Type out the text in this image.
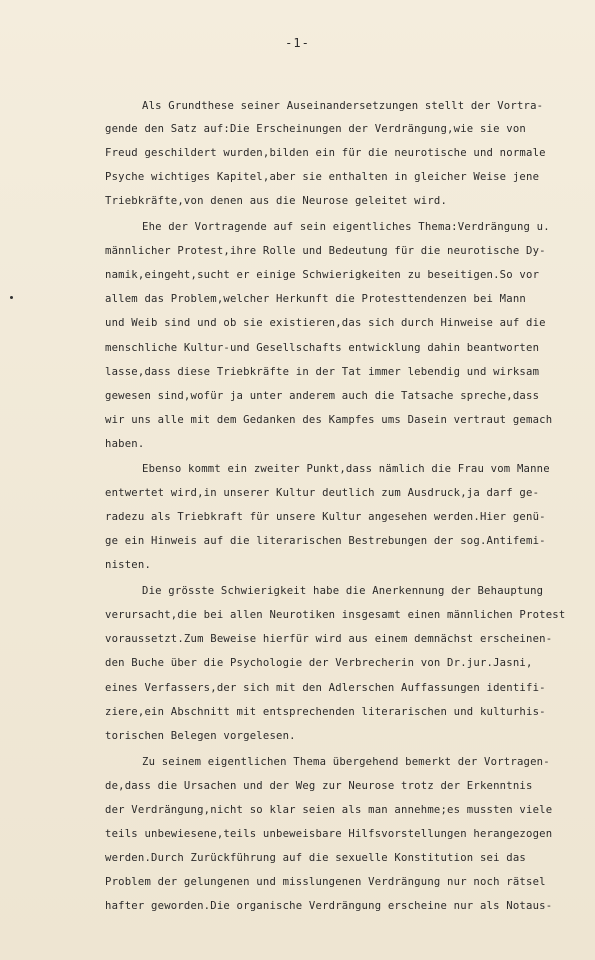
-1-
Als Grundthese seiner Auseinandersetzungen stellt der Vortra-
gende den Satz auf:Die Erscheinungen der Verdrängung,wie sie von
Freud geschildert wurden,bilden ein für die neurotische und normale
Psyche wichtiges Kapitel,aber sie enthalten in gleicher Weise jene
Triebkräfte,von denen aus die Neurose geleitet wird.
Ehe der Vortragende auf sein eigentliches Thema:Verdrängung u.
männlicher Protest,ihre Rolle und Bedeutung für die neurotische Dy-
namik,eingeht,sucht er einige Schwierigkeiten zu beseitigen.So vor
allem das Problem,welcher Herkunft die Protesttendenzen bei Mann
und Weib sind und ob sie existieren,das sich durch Hinweise auf die
menschliche Kultur-und Gesellschafts entwicklung dahin beantworten
lasse,dass diese Triebkräfte in der Tat immer lebendig und wirksam
gewesen sind,wofür ja unter anderem auch die Tatsache spreche,dass
wir uns alle mit dem Gedanken des Kampfes ums Dasein vertraut gemach
haben.
Ebenso kommt ein zweiter Punkt,dass nämlich die Frau vom Manne
entwertet wird,in unserer Kultur deutlich zum Ausdruck,ja darf ge-
radezu als Triebkraft für unsere Kultur angesehen werden.Hier genü-
ge ein Hinweis auf die literarischen Bestrebungen der sog.Antifemi-
nisten.
Die grösste Schwierigkeit habe die Anerkennung der Behauptung
verursacht,die bei allen Neurotiken insgesamt einen männlichen Protest
voraussetzt.Zum Beweise hierfür wird aus einem demnächst erscheinen-
den Buche über die Psychologie der Verbrecherin von Dr.jur.Jasni,
eines Verfassers,der sich mit den Adlerschen Auffassungen identifi-
ziere,ein Abschnitt mit entsprechenden literarischen und kulturhis-
torischen Belegen vorgelesen.
Zu seinem eigentlichen Thema übergehend bemerkt der Vortragen-
de,dass die Ursachen und der Weg zur Neurose trotz der Erkenntnis
der Verdrängung,nicht so klar seien als man annehme;es mussten viele
teils unbewiesene,teils unbeweisbare Hilfsvorstellungen herangezogen
werden.Durch Zurückführung auf die sexuelle Konstitution sei das
Problem der gelungenen und misslungenen Verdrängung nur noch rätsel
hafter geworden.Die organische Verdrängung erscheine nur als Notaus-
